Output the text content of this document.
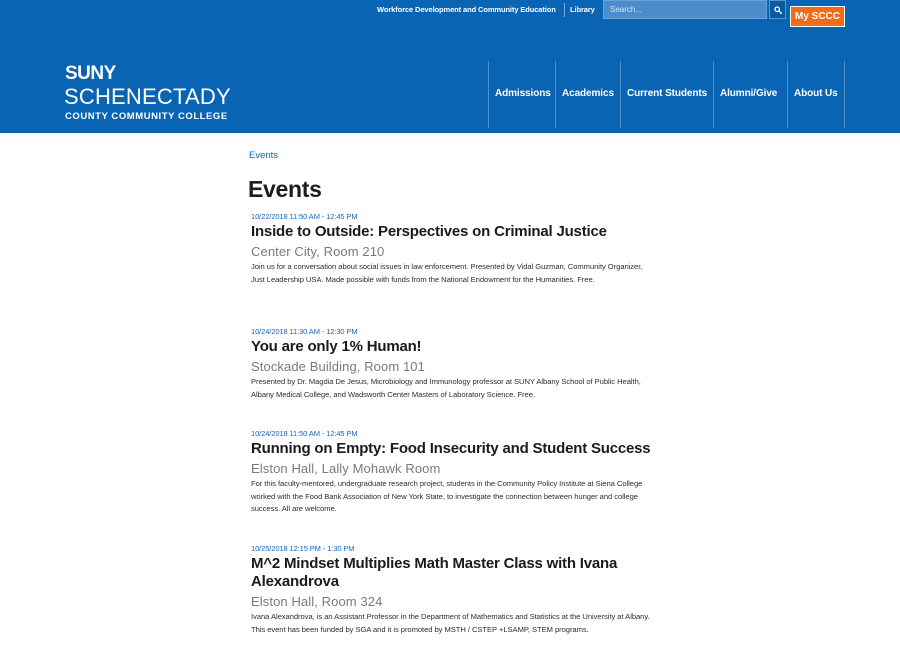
Workforce Development and Community Education Library
Search...
My SCCC
SUNY
SCHENECTADY
COUNTY COMMUNITY COLLEGE
Admissions Academics Current Students Alumni/Give About Us
Events
Events
10/22/2018 11:50 AM - 12:45 PM
Inside to Outside: Perspectives on Criminal Justice
Center City, Room 210
Join us for a conversation about social issues in law enforcement. Presented by Vidal Guzman, Community Organizer, Just Leadership USA. Made possible with funds from the National Endowment for the Humanities. Free.
10/24/2018 11:30 AM - 12:30 PM
You are only 1% Human!
Stockade Building, Room 101
Presented by Dr. Magdia De Jesus, Microbiology and Immunology professor at SUNY Albany School of Public Health, Albany Medical College, and Wadsworth Center Masters of Laboratory Science. Free.
10/24/2018 11:50 AM - 12:45 PM
Running on Empty: Food Insecurity and Student Success
Elston Hall, Lally Mohawk Room
For this faculty-mentored, undergraduate research project, students in the Community Policy Institute at Siena College worked with the Food Bank Association of New York State, to investigate the connection between hunger and college success. All are welcome.
10/25/2018 12:15 PM - 1:30 PM
M^2 Mindset Multiplies Math Master Class with Ivana Alexandrova
Elston Hall, Room 324
Ivana Alexandrova, is an Assistant Professor in the Department of Mathematics and Statistics at the University at Albany. This event has been funded by SGA and it is promoted by MSTH / CSTEP +LSAMP, STEM programs.
